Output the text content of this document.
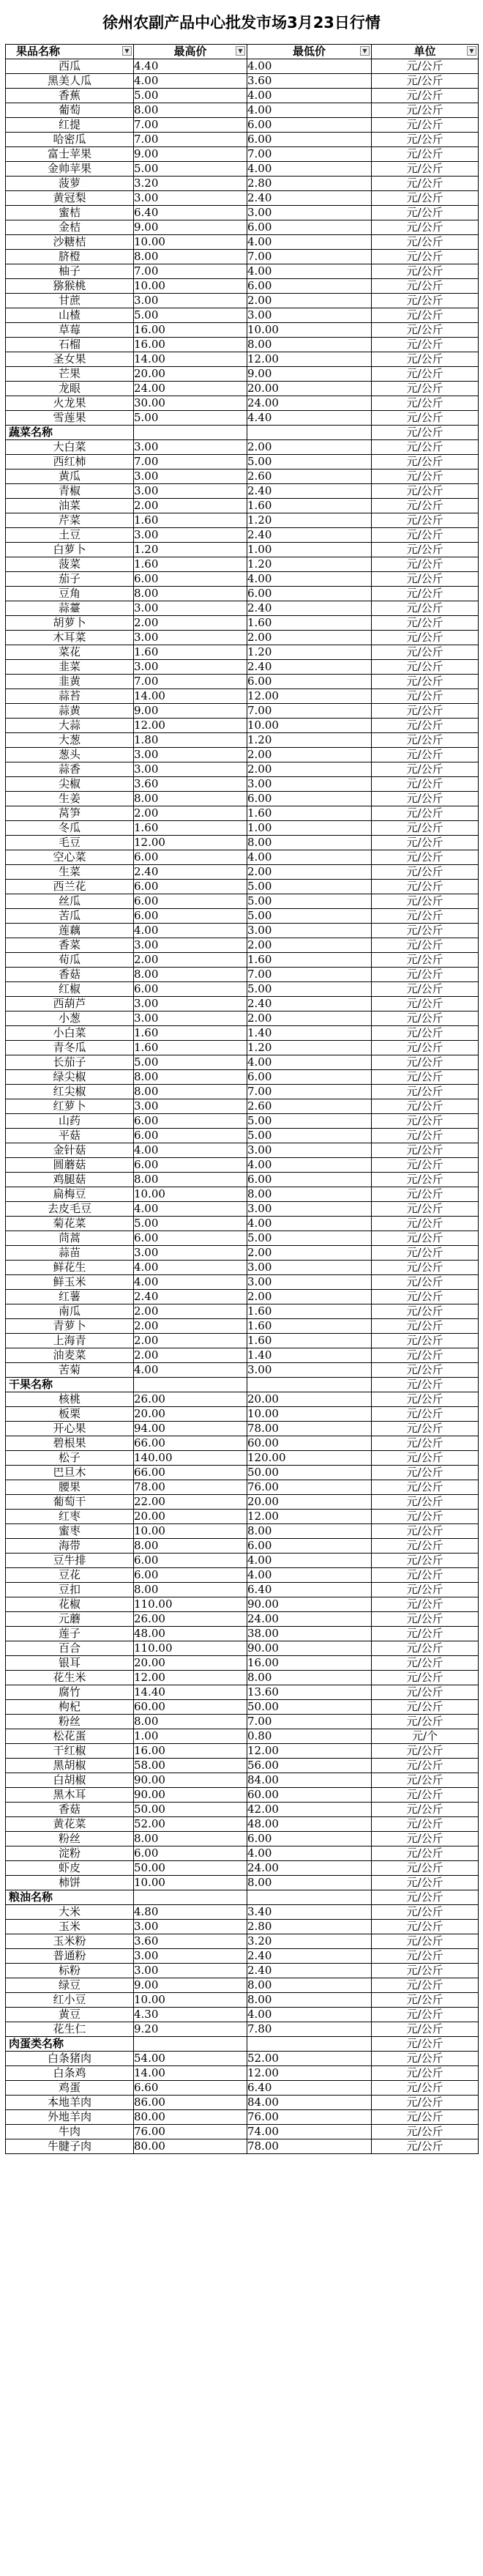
徐州农副产品中心批发市场3月23日行情
果品名称 ▼	最高价 ▼	最低价 ▼	单位 ▼

西瓜	4.40	4.00	元/公斤
黑美人瓜	4.00	3.60	元/公斤
香蕉	5.00	4.00	元/公斤
葡萄	8.00	4.00	元/公斤
红提	7.00	6.00	元/公斤
哈密瓜	7.00	6.00	元/公斤
富士苹果	9.00	7.00	元/公斤
金帅苹果	5.00	4.00	元/公斤
菠萝	3.20	2.80	元/公斤
黄冠梨	3.00	2.40	元/公斤
蜜桔	6.40	3.00	元/公斤
金桔	9.00	6.00	元/公斤
沙糖桔	10.00	4.00	元/公斤
脐橙	8.00	7.00	元/公斤
柚子	7.00	4.00	元/公斤
猕猴桃	10.00	6.00	元/公斤
甘蔗	3.00	2.00	元/公斤
山楂	5.00	3.00	元/公斤
草莓	16.00	10.00	元/公斤
石榴	16.00	8.00	元/公斤
圣女果	14.00	12.00	元/公斤
芒果	20.00	9.00	元/公斤
龙眼	24.00	20.00	元/公斤
火龙果	30.00	24.00	元/公斤
雪莲果	5.00	4.40	元/公斤
蔬菜名称			元/公斤
大白菜	3.00	2.00	元/公斤
西红柿	7.00	5.00	元/公斤
黄瓜	3.00	2.60	元/公斤
青椒	3.00	2.40	元/公斤
油菜	2.00	1.60	元/公斤
芹菜	1.60	1.20	元/公斤
土豆	3.00	2.40	元/公斤
白萝卜	1.20	1.00	元/公斤
菠菜	1.60	1.20	元/公斤
茄子	6.00	4.00	元/公斤
豆角	8.00	6.00	元/公斤
蒜薹	3.00	2.40	元/公斤
胡萝卜	2.00	1.60	元/公斤
木耳菜	3.00	2.00	元/公斤
菜花	1.60	1.20	元/公斤
韭菜	3.00	2.40	元/公斤
韭黄	7.00	6.00	元/公斤
蒜苔	14.00	12.00	元/公斤
蒜黄	9.00	7.00	元/公斤
大蒜	12.00	10.00	元/公斤
大葱	1.80	1.20	元/公斤
葱头	3.00	2.00	元/公斤
蒜香	3.00	2.00	元/公斤
尖椒	3.60	3.00	元/公斤
生姜	8.00	6.00	元/公斤
莴笋	2.00	1.60	元/公斤
冬瓜	1.60	1.00	元/公斤
毛豆	12.00	8.00	元/公斤
空心菜	6.00	4.00	元/公斤
生菜	2.40	2.00	元/公斤
西兰花	6.00	5.00	元/公斤
丝瓜	6.00	5.00	元/公斤
苦瓜	6.00	5.00	元/公斤
莲藕	4.00	3.00	元/公斤
香菜	3.00	2.00	元/公斤
荀瓜	2.00	1.60	元/公斤
香菇	8.00	7.00	元/公斤
红椒	6.00	5.00	元/公斤
西葫芦	3.00	2.40	元/公斤
小葱	3.00	2.00	元/公斤
小白菜	1.60	1.40	元/公斤
青冬瓜	1.60	1.20	元/公斤
长茄子	5.00	4.00	元/公斤
绿尖椒	8.00	6.00	元/公斤
红尖椒	8.00	7.00	元/公斤
红萝卜	3.00	2.60	元/公斤
山药	6.00	5.00	元/公斤
平菇	6.00	5.00	元/公斤
金针菇	4.00	3.00	元/公斤
圆蘑菇	6.00	4.00	元/公斤
鸡腿菇	8.00	6.00	元/公斤
扁梅豆	10.00	8.00	元/公斤
去皮毛豆	4.00	3.00	元/公斤
菊花菜	5.00	4.00	元/公斤
茼蒿	6.00	5.00	元/公斤
蒜苗	3.00	2.00	元/公斤
鲜花生	4.00	3.00	元/公斤
鲜玉米	4.00	3.00	元/公斤
红薯	2.40	2.00	元/公斤
南瓜	2.00	1.60	元/公斤
青萝卜	2.00	1.60	元/公斤
上海青	2.00	1.60	元/公斤
油麦菜	2.00	1.40	元/公斤
苦菊	4.00	3.00	元/公斤
干果名称			元/公斤
核桃	26.00	20.00	元/公斤
板栗	20.00	10.00	元/公斤
开心果	94.00	78.00	元/公斤
碧根果	66.00	60.00	元/公斤
松子	140.00	120.00	元/公斤
巴旦木	66.00	50.00	元/公斤
腰果	78.00	76.00	元/公斤
葡萄干	22.00	20.00	元/公斤
红枣	20.00	12.00	元/公斤
蜜枣	10.00	8.00	元/公斤
海带	8.00	6.00	元/公斤
豆牛排	6.00	4.00	元/公斤
豆花	6.00	4.00	元/公斤
豆扣	8.00	6.40	元/公斤
花椒	110.00	90.00	元/公斤
元蘑	26.00	24.00	元/公斤
莲子	48.00	38.00	元/公斤
百合	110.00	90.00	元/公斤
银耳	20.00	16.00	元/公斤
花生米	12.00	8.00	元/公斤
腐竹	14.40	13.60	元/公斤
枸杞	60.00	50.00	元/公斤
粉丝	8.00	7.00	元/公斤
松花蛋	1.00	0.80	元/个
干红椒	16.00	12.00	元/公斤
黑胡椒	58.00	56.00	元/公斤
白胡椒	90.00	84.00	元/公斤
黑木耳	90.00	60.00	元/公斤
香菇	50.00	42.00	元/公斤
黄花菜	52.00	48.00	元/公斤
粉丝	8.00	6.00	元/公斤
淀粉	6.00	4.00	元/公斤
虾皮	50.00	24.00	元/公斤
柿饼	10.00	8.00	元/公斤
粮油名称			元/公斤
大米	4.80	3.40	元/公斤
玉米	3.00	2.80	元/公斤
玉米粉	3.60	3.20	元/公斤
普通粉	3.00	2.40	元/公斤
标粉	3.00	2.40	元/公斤
绿豆	9.00	8.00	元/公斤
红小豆	10.00	8.00	元/公斤
黄豆	4.30	4.00	元/公斤
花生仁	9.20	7.80	元/公斤
肉蛋类名称			元/公斤
白条猪肉	54.00	52.00	元/公斤
白条鸡	14.00	12.00	元/公斤
鸡蛋	6.60	6.40	元/公斤
本地羊肉	86.00	84.00	元/公斤
外地羊肉	80.00	76.00	元/公斤
牛肉	76.00	74.00	元/公斤
牛腱子肉	80.00	78.00	元/公斤
